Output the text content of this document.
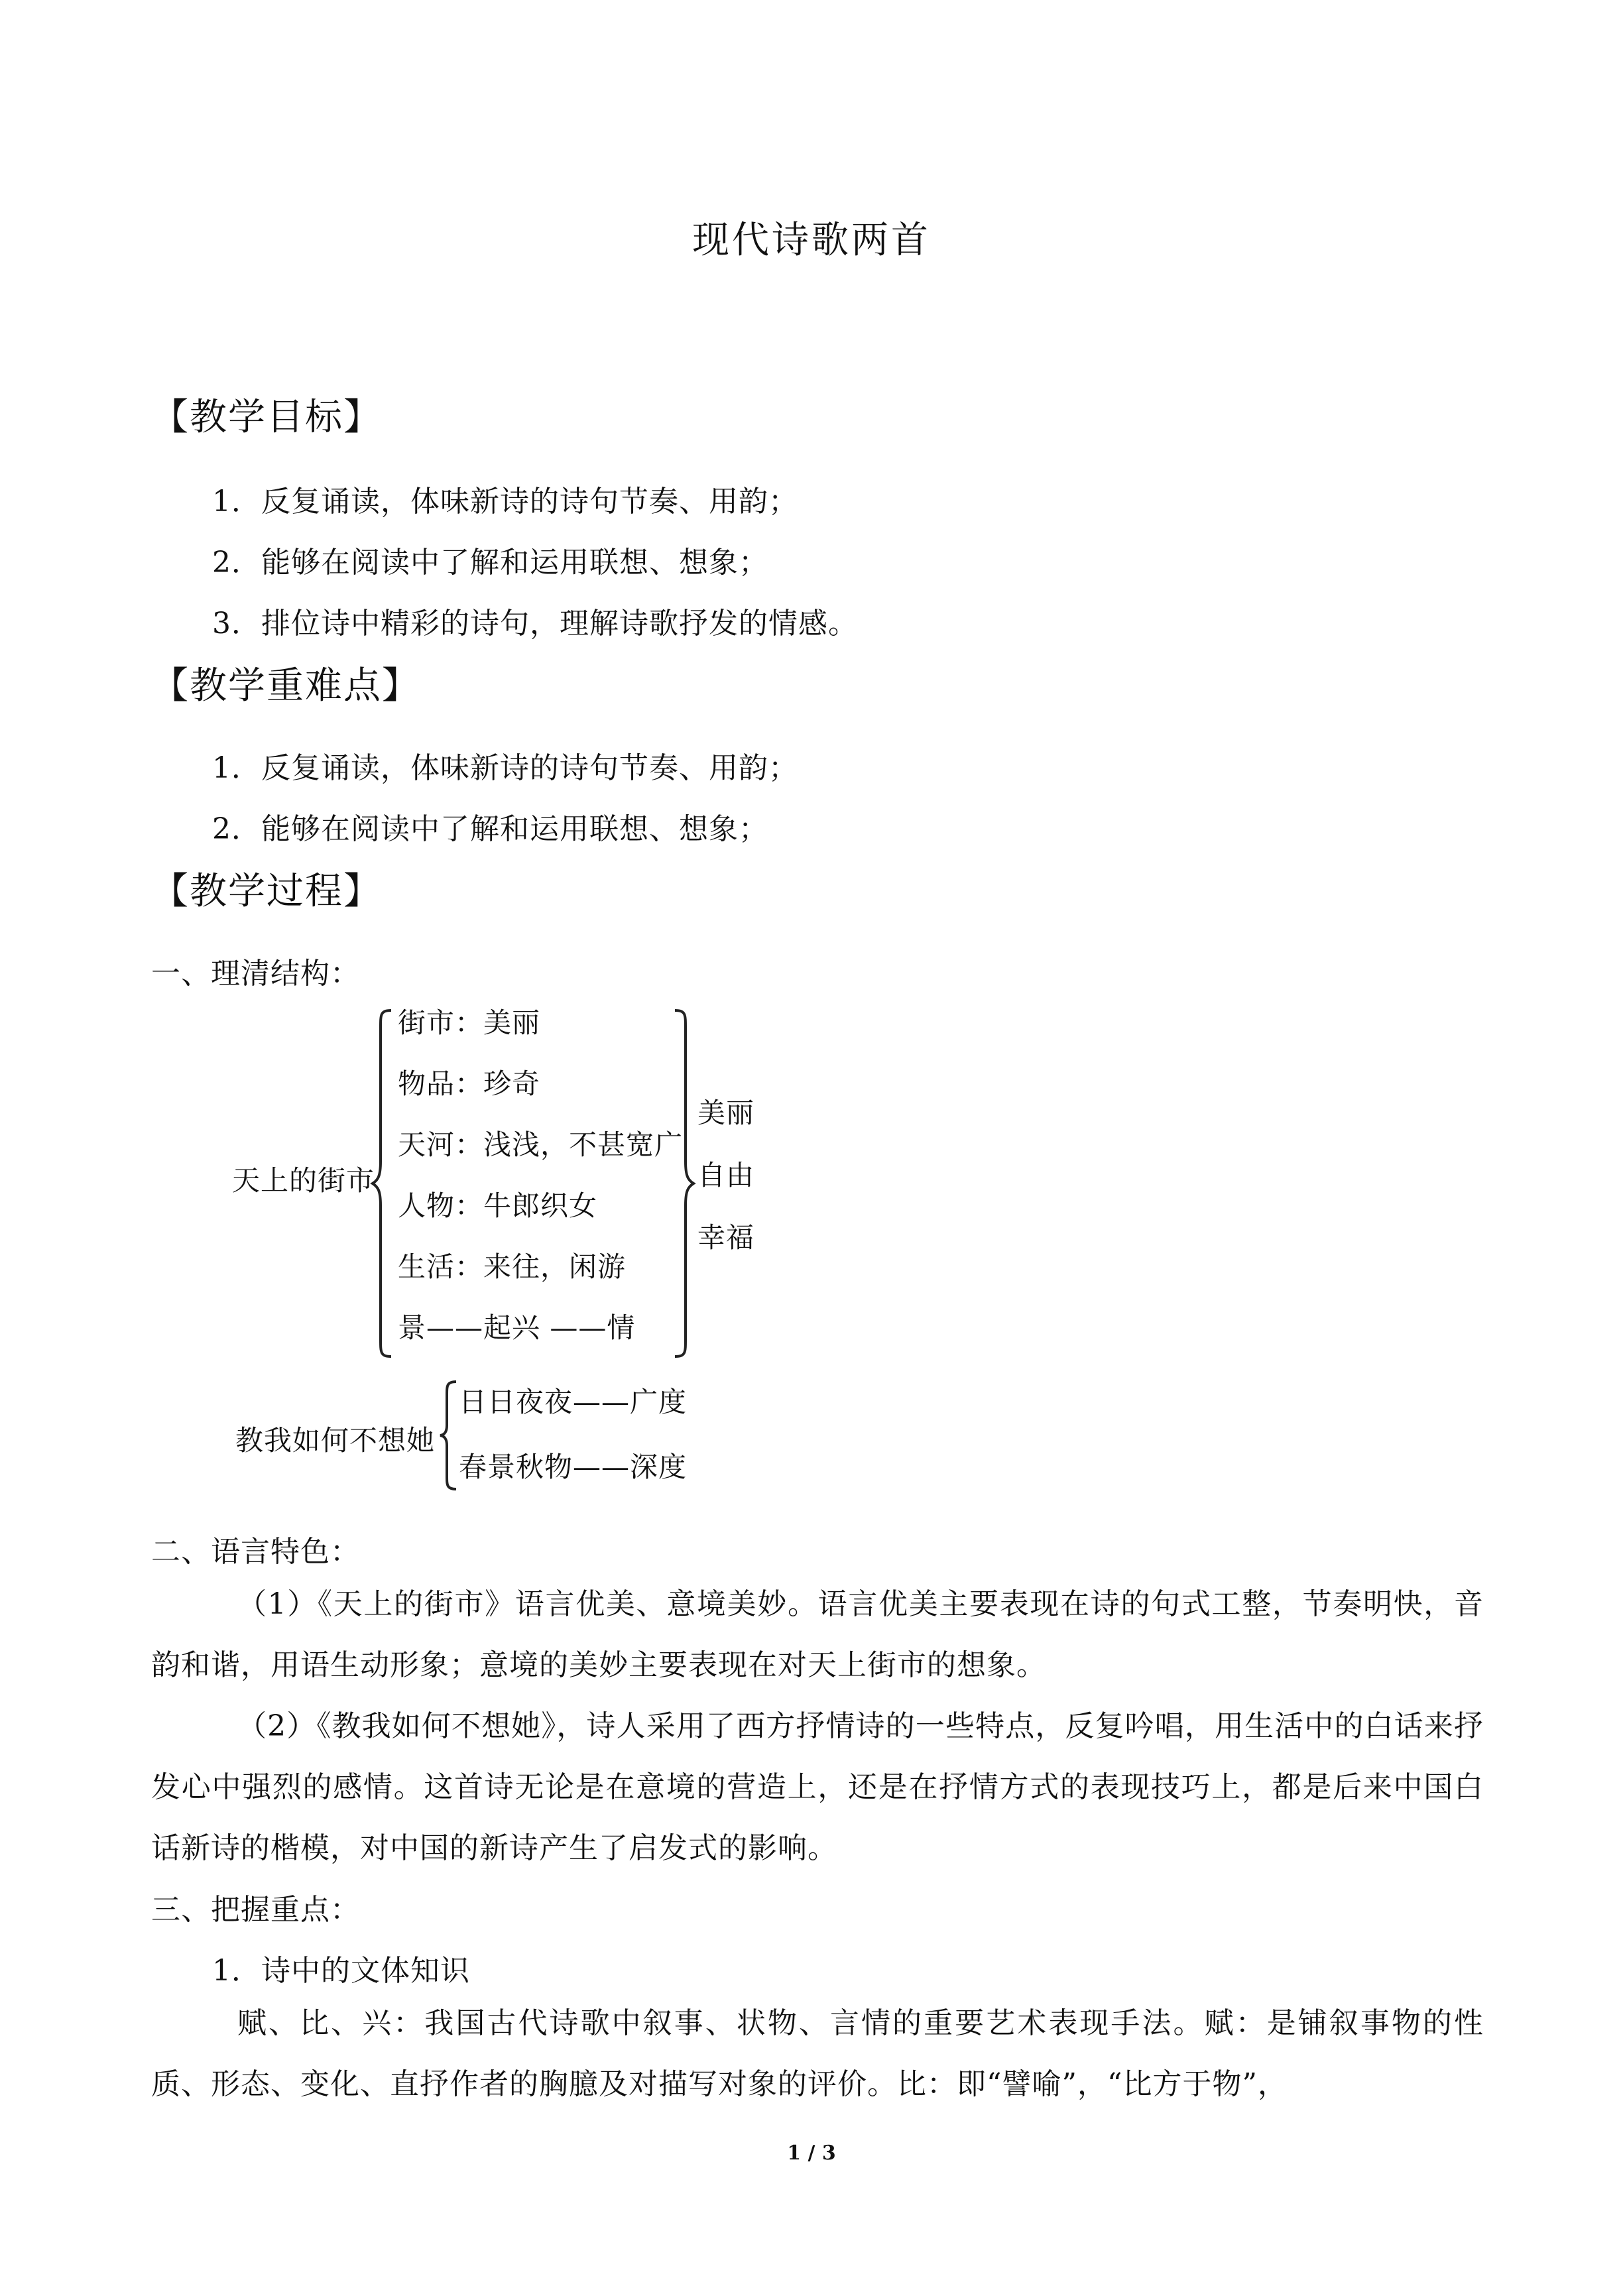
现代诗歌两首
【教学目标】
1．反复诵读，体味新诗的诗句节奏、用韵；
2．能够在阅读中了解和运用联想、想象；
3．排位诗中精彩的诗句，理解诗歌抒发的情感。
【教学重难点】
1．反复诵读，体味新诗的诗句节奏、用韵；
2．能够在阅读中了解和运用联想、想象；
【教学过程】
一、理清结构：
天上的街市
街市：美丽
物品：珍奇
天河：浅浅，不甚宽广
人物：牛郎织女
生活：来往，闲游
景——起兴 ——情
美丽
自由
幸福
教我如何不想她
日日夜夜——广度
春景秋物——深度
二、语言特色：
（1）《天上的街市》语言优美、意境美妙。语言优美主要表现在诗的句式工整，节奏明快，音韵和谐，用语生动形象；意境的美妙主要表现在对天上街市的想象。
（2）《教我如何不想她》，诗人采用了西方抒情诗的一些特点，反复吟唱，用生活中的白话来抒发心中强烈的感情。这首诗无论是在意境的营造上，还是在抒情方式的表现技巧上，都是后来中国白话新诗的楷模，对中国的新诗产生了启发式的影响。
三、把握重点：
1．诗中的文体知识
赋、比、兴：我国古代诗歌中叙事、状物、言情的重要艺术表现手法。赋：是铺叙事物的性质、形态、变化、直抒作者的胸臆及对描写对象的评价。比：即“譬喻”，“比方于物”，
1 / 3
